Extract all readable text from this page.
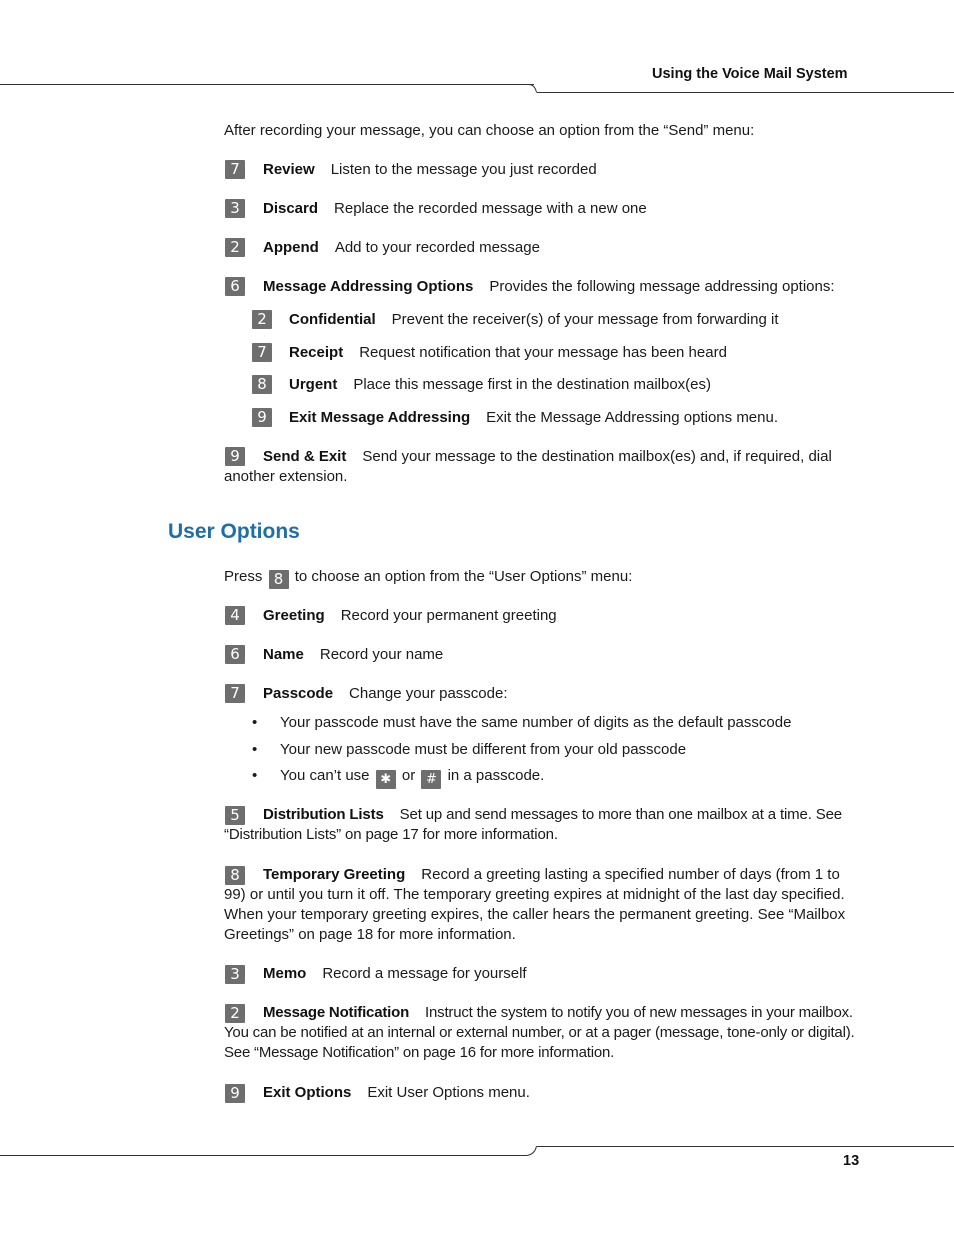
Using the Voice Mail System
After recording your message, you can choose an option from the “Send” menu:
7	Review Listen to the message you just recorded
3	Discard Replace the recorded message with a new one
2	Append Add to your recorded message
6	Message Addressing Options Provides the following message addressing options:
2	Confidential Prevent the receiver(s) of your message from forwarding it
7	Receipt Request notification that your message has been heard
8	Urgent Place this message first in the destination mailbox(es)
9	Exit Message Addressing Exit the Message Addressing options menu.
9	Send & Exit Send your message to the destination mailbox(es) and, if required, dial another extension.
User Options
Press 8 to choose an option from the “User Options” menu:
4	Greeting Record your permanent greeting
6	Name Record your name
7	Passcode Change your passcode:
• Your passcode must have the same number of digits as the default passcode
• Your new passcode must be different from your old passcode
• You can’t use ✱ or # in a passcode.
5	Distribution Lists Set up and send messages to more than one mailbox at a time. See “Distribution Lists” on page 17 for more information.
8	Temporary Greeting Record a greeting lasting a specified number of days (from 1 to 99) or until you turn it off. The temporary greeting expires at midnight of the last day specified. When your temporary greeting expires, the caller hears the permanent greeting. See “Mailbox Greetings” on page 18 for more information.
3	Memo Record a message for yourself
2	Message Notification Instruct the system to notify you of new messages in your mailbox. You can be notified at an internal or external number, or at a pager (message, tone-only or digital). See “Message Notification” on page 16 for more information.
9	Exit Options Exit User Options menu.
13
